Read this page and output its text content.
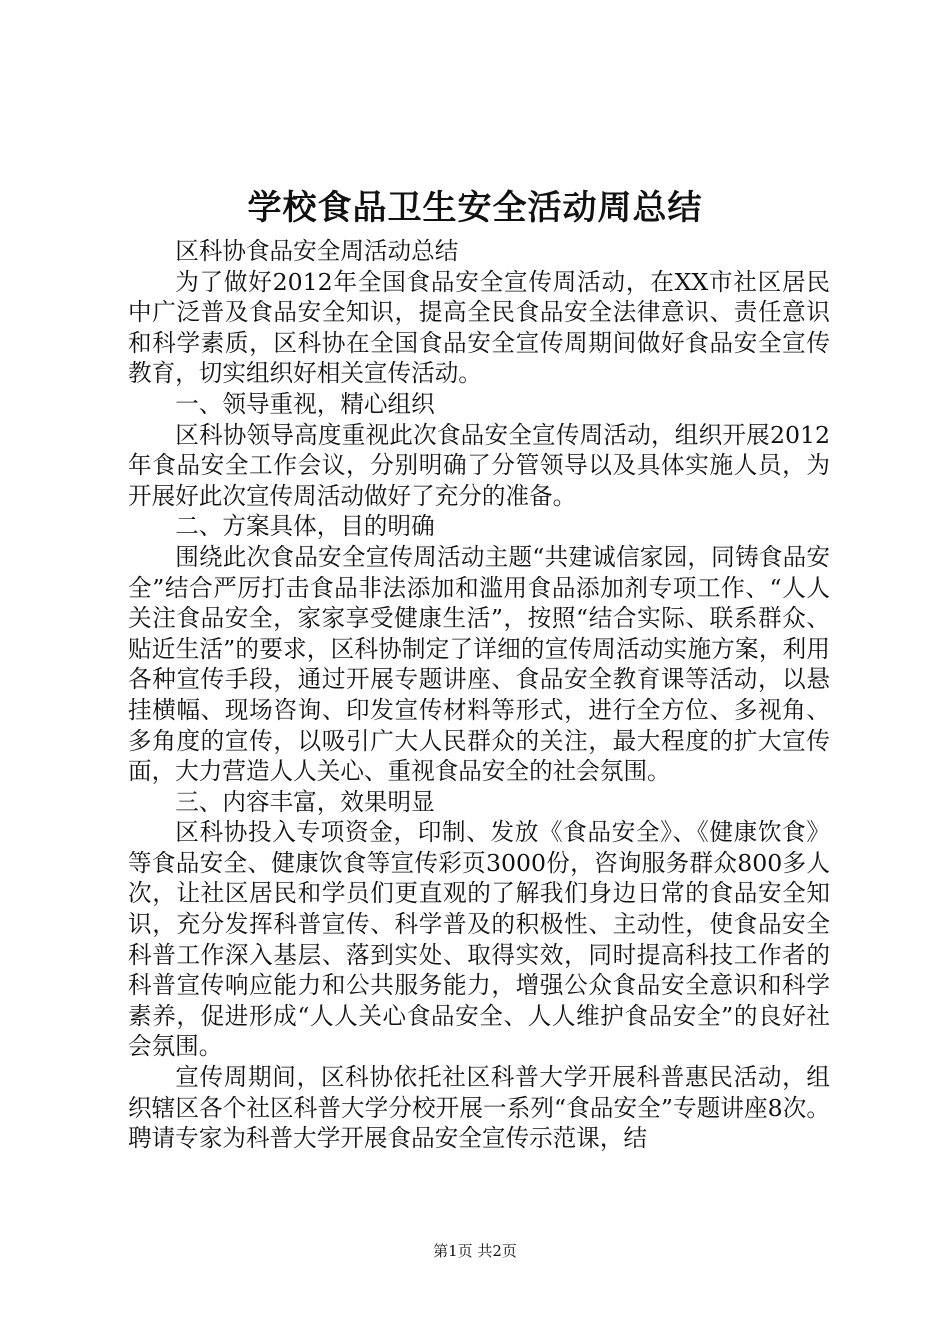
学校食品卫生安全活动周总结

区科协食品安全周活动总结

为了做好2012年全国食品安全宣传周活动，在XX市社区居民中广泛普及食品安全知识，提高全民食品安全法律意识、责任意识和科学素质，区科协在全国食品安全宣传周期间做好食品安全宣传教育，切实组织好相关宣传活动。

一、领导重视，精心组织

区科协领导高度重视此次食品安全宣传周活动，组织开展2012年食品安全工作会议，分别明确了分管领导以及具体实施人员，为开展好此次宣传周活动做好了充分的准备。

二、方案具体，目的明确

围绕此次食品安全宣传周活动主题“共建诚信家园，同铸食品安全”结合严厉打击食品非法添加和滥用食品添加剂专项工作、“人人关注食品安全，家家享受健康生活”，按照“结合实际、联系群众、贴近生活”的要求，区科协制定了详细的宣传周活动实施方案，利用各种宣传手段，通过开展专题讲座、食品安全教育课等活动，以悬挂横幅、现场咨询、印发宣传材料等形式，进行全方位、多视角、多角度的宣传，以吸引广大人民群众的关注，最大程度的扩大宣传面，大力营造人人关心、重视食品安全的社会氛围。

三、内容丰富，效果明显

区科协投入专项资金，印制、发放《食品安全》、《健康饮食》等食品安全、健康饮食等宣传彩页3000份，咨询服务群众800多人次，让社区居民和学员们更直观的了解我们身边日常的食品安全知识，充分发挥科普宣传、科学普及的积极性、主动性，使食品安全科普工作深入基层、落到实处、取得实效，同时提高科技工作者的科普宣传响应能力和公共服务能力，增强公众食品安全意识和科学素养，促进形成“人人关心食品安全、人人维护食品安全”的良好社会氛围。

宣传周期间，区科协依托社区科普大学开展科普惠民活动，组织辖区各个社区科普大学分校开展一系列“食品安全”专题讲座8次。聘请专家为科普大学开展食品安全宣传示范课，结

第1页 共2页
